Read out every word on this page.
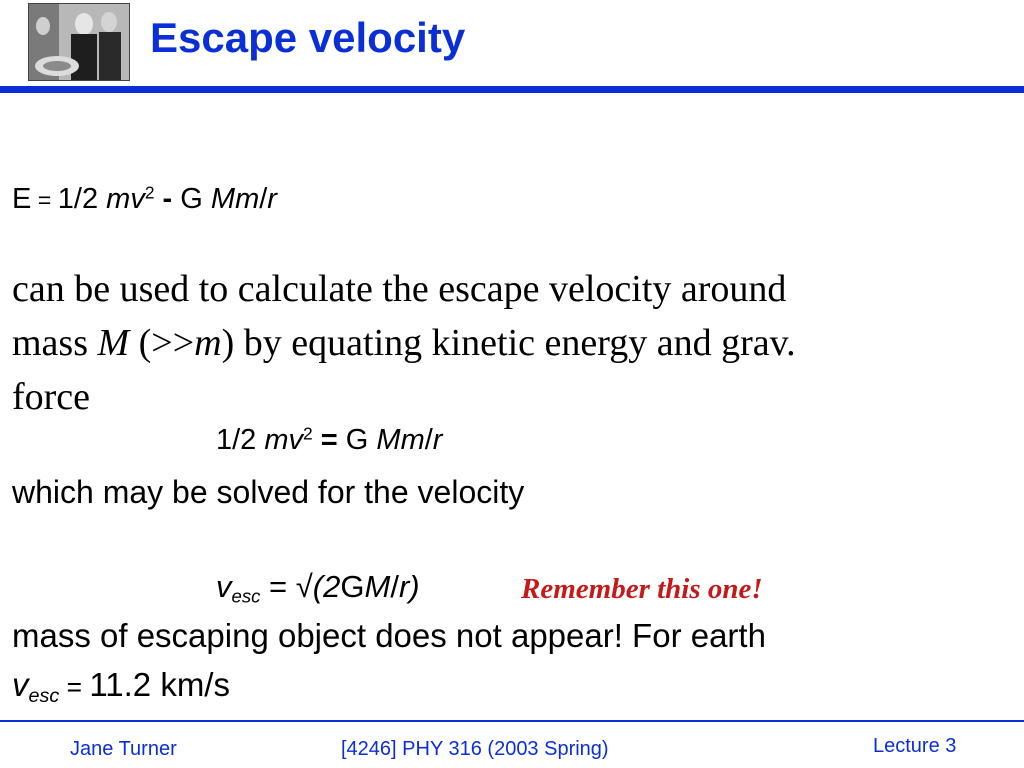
Escape velocity
E = 1/2 $mv^2$ - G Mm/r
can be used to calculate the escape velocity around
mass M (>>m) by equating kinetic energy and grav.
force
1/2 $mv^2 = G$ Mm/r
which may be solved for the velocity
$v_{esc} = √(2GM/r)$	Remember this one!
mass of escaping object does not appear! For earth
$v_{esc} = 11.2$ km/s
Jane Turner	[4246] PHY 316 (2003 Spring)	Lecture 3
